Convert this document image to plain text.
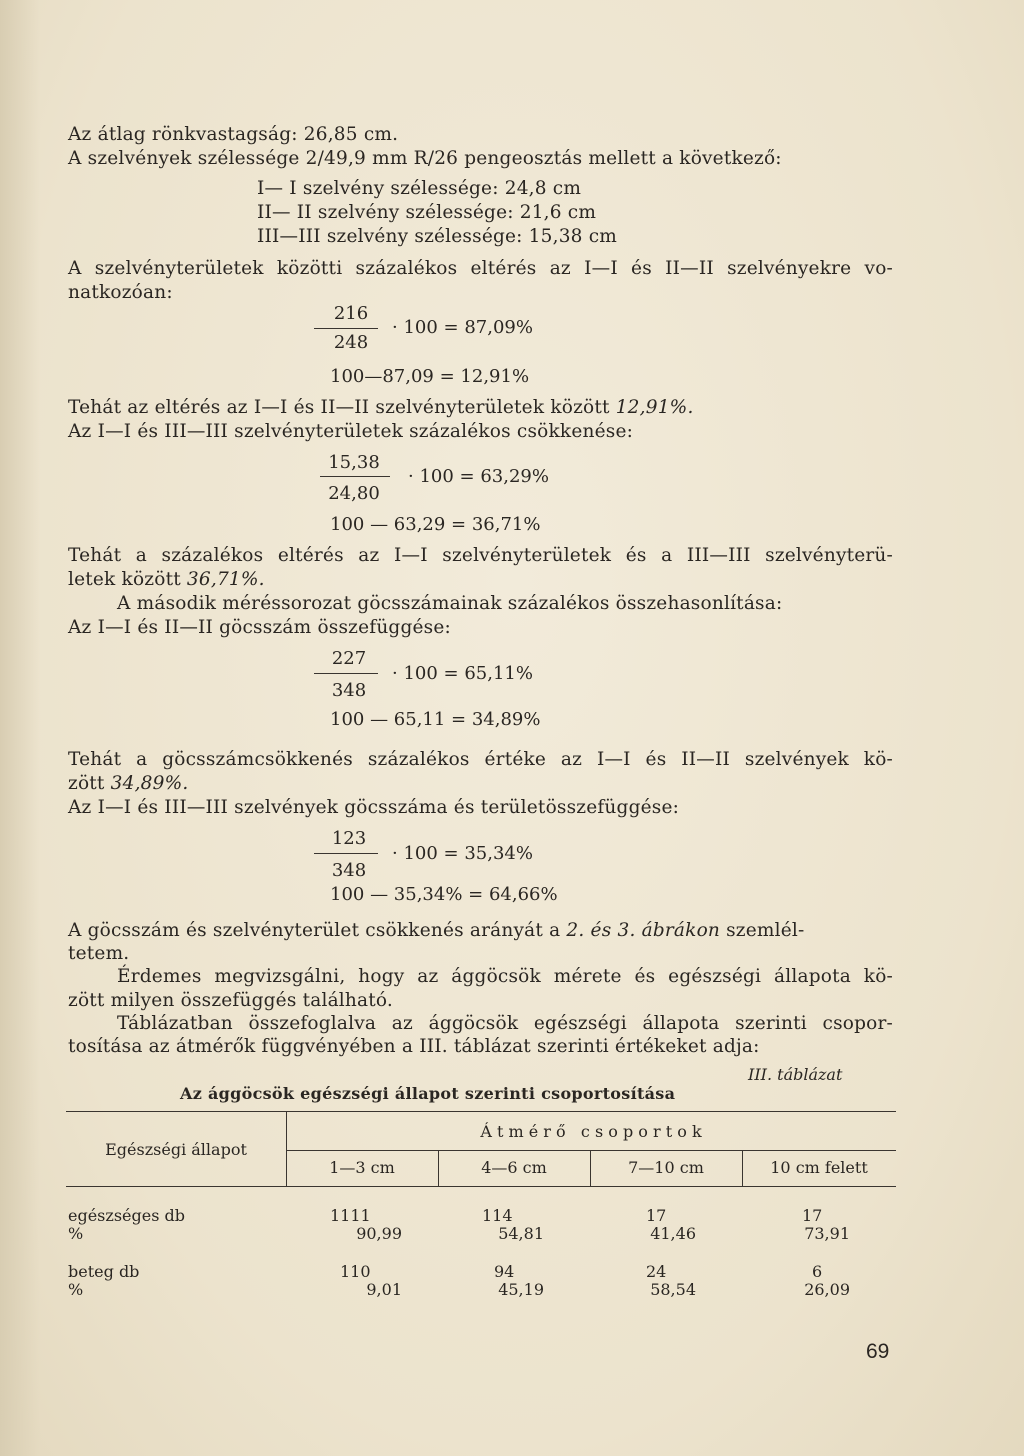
Az átlag rönkvastagság: 26,85 cm.
A szelvények szélessége 2/49,9 mm R/26 pengeosztás mellett a következő:
I— I szelvény szélessége: 24,8 cm
II— II szelvény szélessége: 21,6 cm
III—III szelvény szélessége: 15,38 cm
A szelvényterületek közötti százalékos eltérés az I—I és II—II szelvényekre vo-
natkozóan:
216
248
· 100 = 87,09%
100—87,09 = 12,91%
Tehát az eltérés az I—I és II—II szelvényterületek között 12,91%.
Az I—I és III—III szelvényterületek százalékos csökkenése:
15,38
24,80
· 100 = 63,29%
100 — 63,29 = 36,71%
Tehát a százalékos eltérés az I—I szelvényterületek és a III—III szelvényterü-
letek között 36,71%.
A második méréssorozat göcsszámainak százalékos összehasonlítása:
Az I—I és II—II göcsszám összefüggése:
227
348
· 100 = 65,11%
100 — 65,11 = 34,89%
Tehát a göcsszámcsökkenés százalékos értéke az I—I és II—II szelvények kö-
zött 34,89%.
Az I—I és III—III szelvények göcsszáma és területösszefüggése:
123
348
· 100 = 35,34%
100 — 35,34% = 64,66%
A göcsszám és szelvényterület csökkenés arányát a 2. és 3. ábrákon szemlél-
tetem.
Érdemes megvizsgálni, hogy az ággöcsök mérete és egészségi állapota kö-
zött milyen összefüggés található.
Táblázatban összefoglalva az ággöcsök egészségi állapota szerinti csopor-
tosítása az átmérők függvényében a III. táblázat szerinti értékeket adja:
III. táblázat
Az ággöcsök egészségi állapot szerinti csoportosítása
Egészségi állapot
Á t m é r ő   c s o p o r t o k
1—3 cm	4—6 cm	7—10 cm	10 cm felett
egészséges db	1111	114	17	17
%	90,99	54,81	41,46	73,91
beteg db	110	94	24	6
%	9,01	45,19	58,54	26,09
69
